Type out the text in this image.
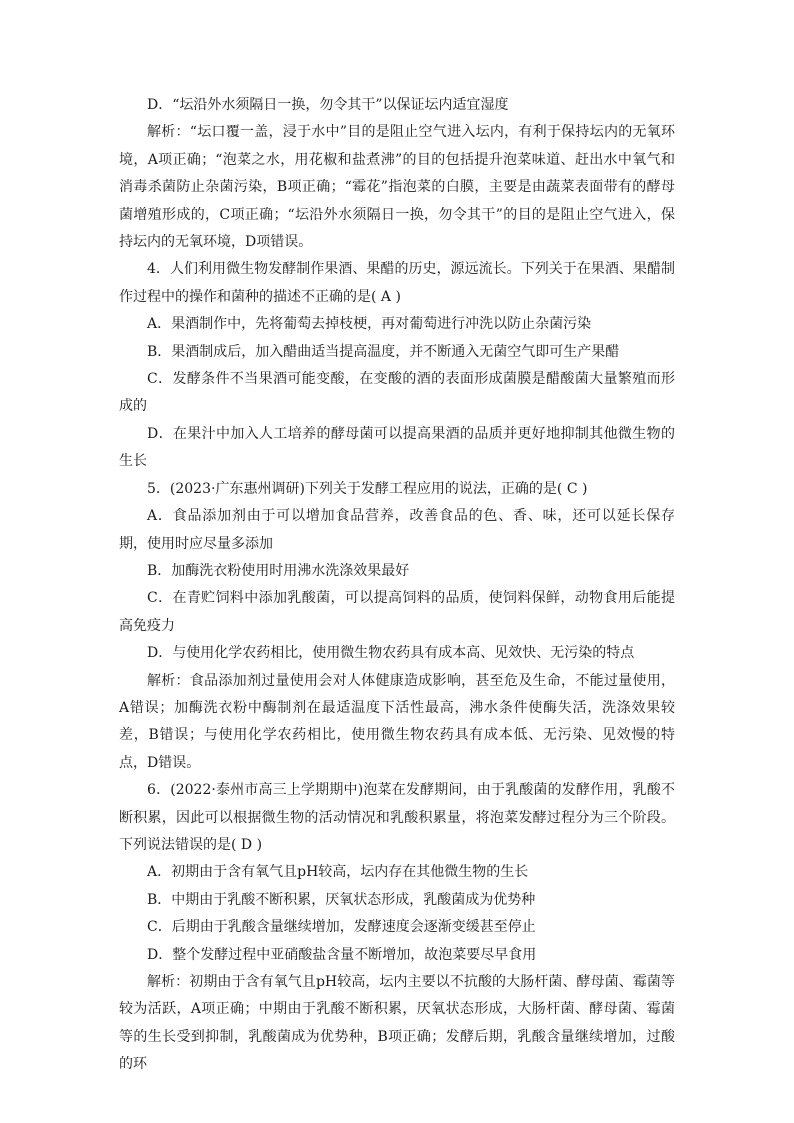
D．“坛沿外水须隔日一换，勿令其干”以保证坛内适宜湿度

解析：“坛口覆一盖，浸于水中”目的是阻止空气进入坛内，有利于保持坛内的无氧环境，A项正确；“泡菜之水，用花椒和盐煮沸”的目的包括提升泡菜味道、赶出水中氧气和消毒杀菌防止杂菌污染，B项正确；“霉花”指泡菜的白膜，主要是由蔬菜表面带有的酵母菌增殖形成的，C项正确；“坛沿外水须隔日一换，勿令其干”的目的是阻止空气进入，保持坛内的无氧环境，D项错误。

4．人们利用微生物发酵制作果酒、果醋的历史，源远流长。下列关于在果酒、果醋制作过程中的操作和菌种的描述不正确的是( A )

A．果酒制作中，先将葡萄去掉枝梗，再对葡萄进行冲洗以防止杂菌污染

B．果酒制成后，加入醋曲适当提高温度，并不断通入无菌空气即可生产果醋

C．发酵条件不当果酒可能变酸，在变酸的酒的表面形成菌膜是醋酸菌大量繁殖而形成的

D．在果汁中加入人工培养的酵母菌可以提高果酒的品质并更好地抑制其他微生物的生长

5．(2023·广东惠州调研)下列关于发酵工程应用的说法，正确的是( C )

A．食品添加剂由于可以增加食品营养，改善食品的色、香、味，还可以延长保存期，使用时应尽量多添加

B．加酶洗衣粉使用时用沸水洗涤效果最好

C．在青贮饲料中添加乳酸菌，可以提高饲料的品质，使饲料保鲜，动物食用后能提高免疫力

D．与使用化学农药相比，使用微生物农药具有成本高、见效快、无污染的特点

解析：食品添加剂过量使用会对人体健康造成影响，甚至危及生命，不能过量使用，A错误；加酶洗衣粉中酶制剂在最适温度下活性最高，沸水条件使酶失活，洗涤效果较差，B错误；与使用化学农药相比，使用微生物农药具有成本低、无污染、见效慢的特点，D错误。

6．(2022·泰州市高三上学期期中)泡菜在发酵期间，由于乳酸菌的发酵作用，乳酸不断积累，因此可以根据微生物的活动情况和乳酸积累量，将泡菜发酵过程分为三个阶段。下列说法错误的是( D )

A．初期由于含有氧气且pH较高，坛内存在其他微生物的生长

B．中期由于乳酸不断积累，厌氧状态形成，乳酸菌成为优势种

C．后期由于乳酸含量继续增加，发酵速度会逐渐变缓甚至停止

D．整个发酵过程中亚硝酸盐含量不断增加，故泡菜要尽早食用

解析：初期由于含有氧气且pH较高，坛内主要以不抗酸的大肠杆菌、酵母菌、霉菌等较为活跃，A项正确；中期由于乳酸不断积累，厌氧状态形成，大肠杆菌、酵母菌、霉菌等的生长受到抑制，乳酸菌成为优势种，B项正确；发酵后期，乳酸含量继续增加，过酸的环
